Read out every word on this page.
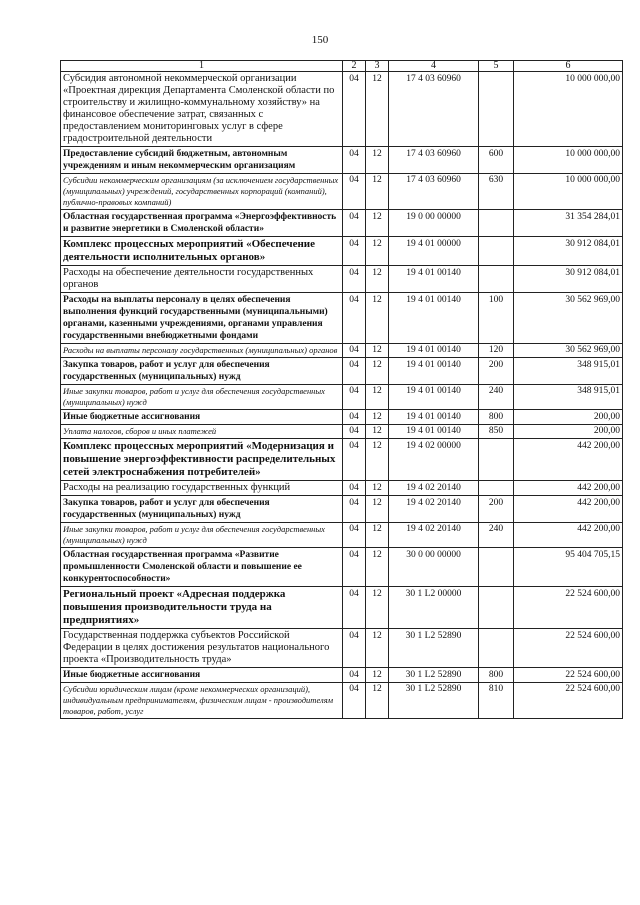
150
1	2	3	4	5	6
Субсидия автономной некоммерческой организации «Проектная дирекция Департамента Смоленской области по строительству и жилищно-коммунальному хозяйству» на финансовое обеспечение затрат, связанных с предоставлением мониторинговых услуг в сфере градостроительной деятельности	04	12	17 4 03 60960		10 000 000,00
Предоставление субсидий бюджетным, автономным учреждениям и иным некоммерческим организациям	04	12	17 4 03 60960	600	10 000 000,00
Субсидии некоммерческим организациям (за исключением государственных (муниципальных) учреждений, государственных корпораций (компаний), публично-правовых компаний)	04	12	17 4 03 60960	630	10 000 000,00
Областная государственная программа «Энергоэффективность и развитие энергетики в Смоленской области»	04	12	19 0 00 00000		31 354 284,01
Комплекс процессных мероприятий «Обеспечение деятельности исполнительных органов»	04	12	19 4 01 00000		30 912 084,01
Расходы на обеспечение деятельности государственных органов	04	12	19 4 01 00140		30 912 084,01
Расходы на выплаты персоналу в целях обеспечения выполнения функций государственными (муниципальными) органами, казенными учреждениями, органами управления государственными внебюджетными фондами	04	12	19 4 01 00140	100	30 562 969,00
Расходы на выплаты персоналу государственных (муниципальных) органов	04	12	19 4 01 00140	120	30 562 969,00
Закупка товаров, работ и услуг для обеспечения государственных (муниципальных) нужд	04	12	19 4 01 00140	200	348 915,01
Иные закупки товаров, работ и услуг для обеспечения государственных (муниципальных) нужд	04	12	19 4 01 00140	240	348 915,01
Иные бюджетные ассигнования	04	12	19 4 01 00140	800	200,00
Уплата налогов, сборов и иных платежей	04	12	19 4 01 00140	850	200,00
Комплекс процессных мероприятий «Модернизация и повышение энергоэффективности распределительных сетей электроснабжения потребителей»	04	12	19 4 02 00000		442 200,00
Расходы на реализацию государственных функций	04	12	19 4 02 20140		442 200,00
Закупка товаров, работ и услуг для обеспечения государственных (муниципальных) нужд	04	12	19 4 02 20140	200	442 200,00
Иные закупки товаров, работ и услуг для обеспечения государственных (муниципальных) нужд	04	12	19 4 02 20140	240	442 200,00
Областная государственная программа «Развитие промышленности Смоленской области и повышение ее конкурентоспособности»	04	12	30 0 00 00000		95 404 705,15
Региональный проект «Адресная поддержка повышения производительности труда на предприятиях»	04	12	30 1 L2 00000		22 524 600,00
Государственная поддержка субъектов Российской Федерации в целях достижения результатов национального проекта «Производительность труда»	04	12	30 1 L2 52890		22 524 600,00
Иные бюджетные ассигнования	04	12	30 1 L2 52890	800	22 524 600,00
Субсидии юридическим лицам (кроме некоммерческих организаций), индивидуальным предпринимателям, физическим лицам - производителям товаров, работ, услуг	04	12	30 1 L2 52890	810	22 524 600,00
